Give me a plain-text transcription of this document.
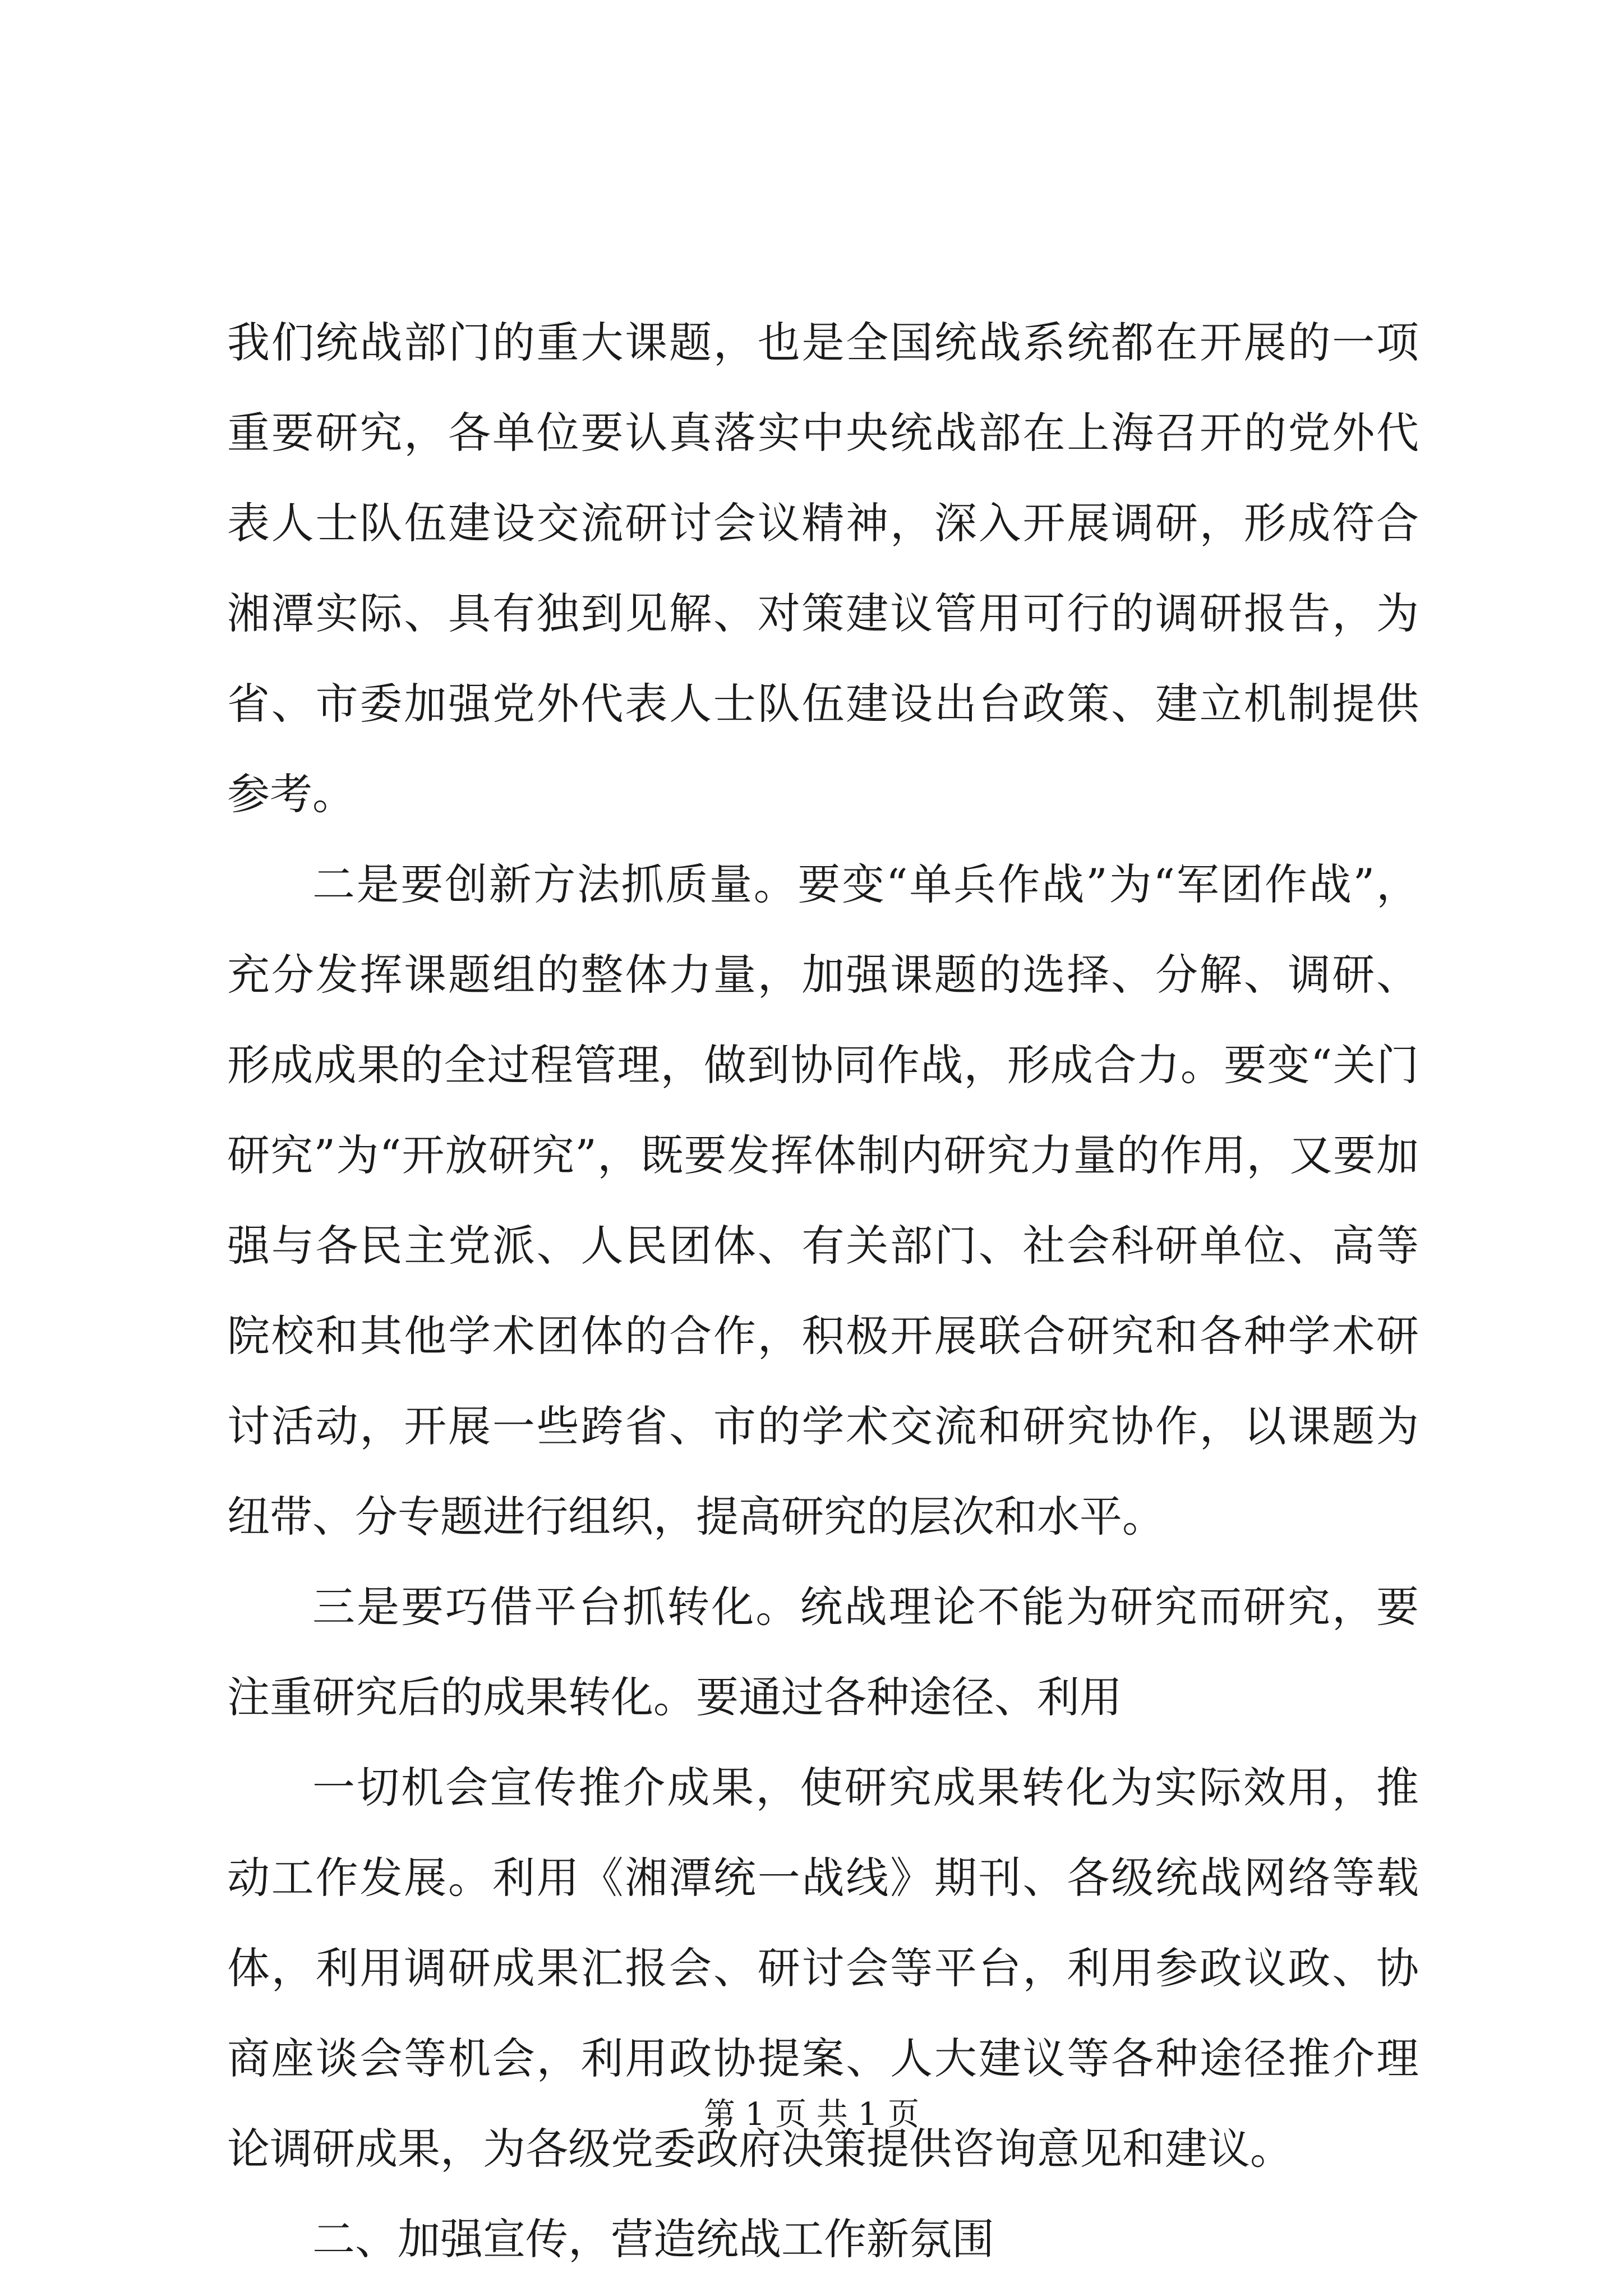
我们统战部门的重大课题，也是全国统战系统都在开展的一项重要研究，各单位要认真落实中央统战部在上海召开的党外代表人士队伍建设交流研讨会议精神，深入开展调研，形成符合湘潭实际、具有独到见解、对策建议管用可行的调研报告，为省、市委加强党外代表人士队伍建设出台政策、建立机制提供参考。

二是要创新方法抓质量。要变“单兵作战”为“军团作战”，充分发挥课题组的整体力量，加强课题的选择、分解、调研、形成成果的全过程管理，做到协同作战，形成合力。要变“关门研究”为“开放研究”，既要发挥体制内研究力量的作用，又要加强与各民主党派、人民团体、有关部门、社会科研单位、高等院校和其他学术团体的合作，积极开展联合研究和各种学术研讨活动，开展一些跨省、市的学术交流和研究协作，以课题为纽带、分专题进行组织，提高研究的层次和水平。

三是要巧借平台抓转化。统战理论不能为研究而研究，要注重研究后的成果转化。要通过各种途径、利用

一切机会宣传推介成果，使研究成果转化为实际效用，推动工作发展。利用《湘潭统一战线》期刊、各级统战网络等载体，利用调研成果汇报会、研讨会等平台，利用参政议政、协商座谈会等机会，利用政协提案、人大建议等各种途径推介理论调研成果，为各级党委政府决策提供咨询意见和建议。

二、加强宣传，营造统战工作新氛围

第 1 页 共 1 页
